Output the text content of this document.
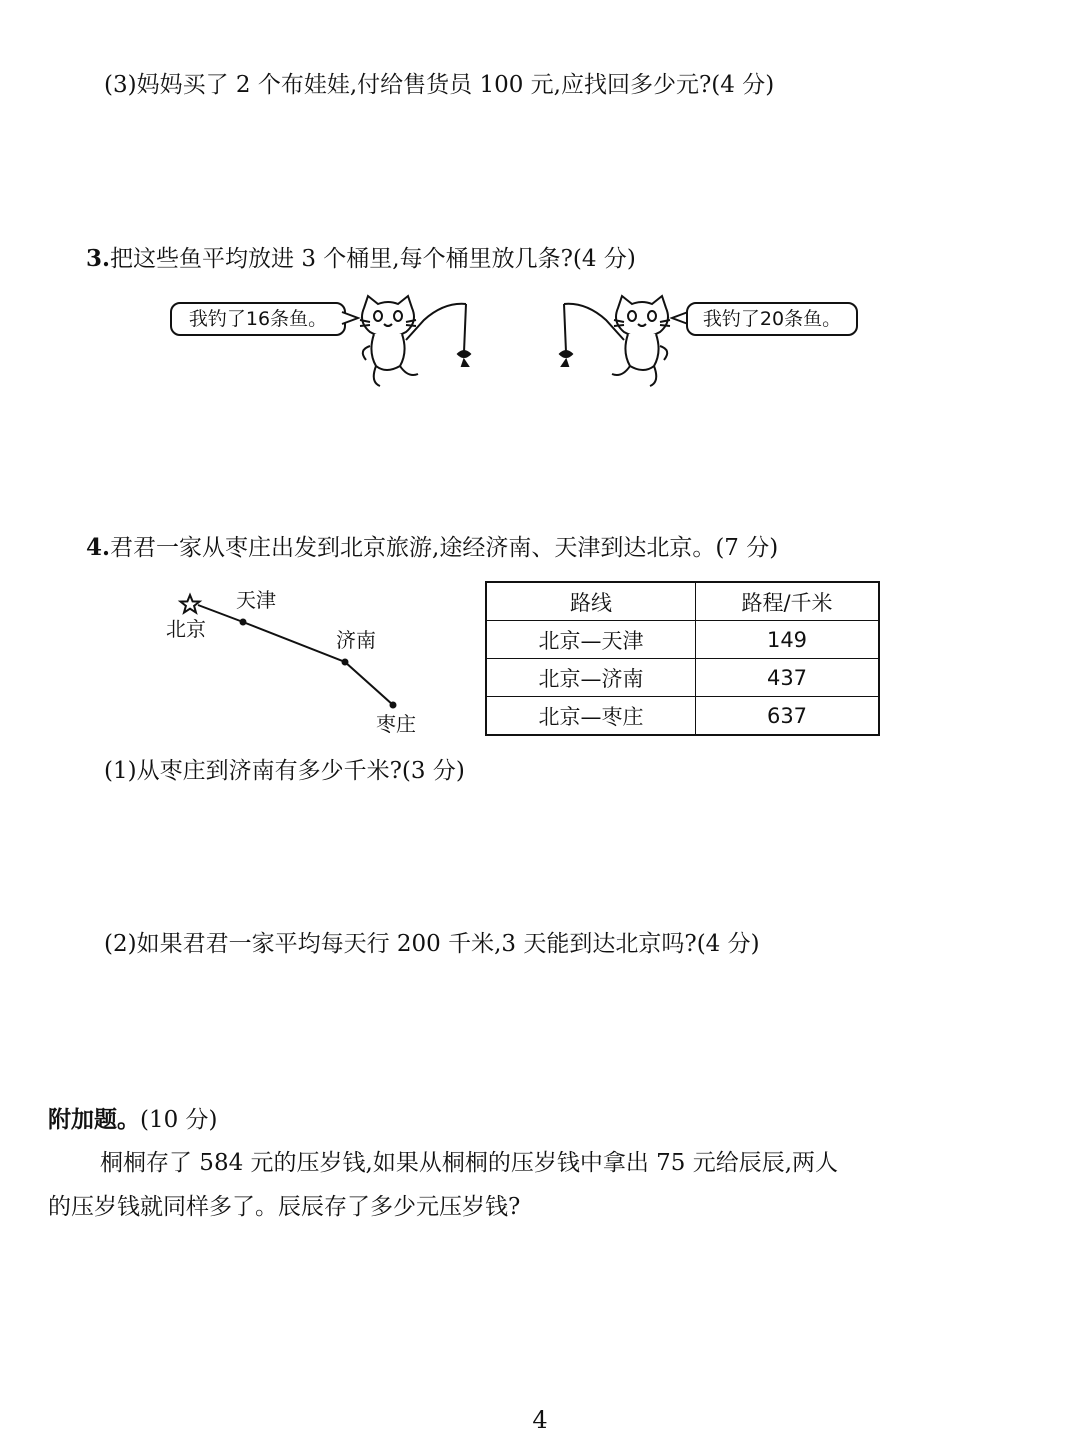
(3)妈妈买了 2 个布娃娃,付给售货员 100 元,应找回多少元?(4 分)
3.把这些鱼平均放进 3 个桶里,每个桶里放几条?(4 分)
我钓了16条鱼。	我钓了20条鱼。
4.君君一家从枣庄出发到北京旅游,途经济南、天津到达北京。(7 分)
北京
天津
济南
枣庄
路线	路程/千米
北京—天津	149
北京—济南	437
北京—枣庄	637
(1)从枣庄到济南有多少千米?(3 分)
(2)如果君君一家平均每天行 200 千米,3 天能到达北京吗?(4 分)
附加题。(10 分)
桐桐存了 584 元的压岁钱,如果从桐桐的压岁钱中拿出 75 元给辰辰,两人
的压岁钱就同样多了。辰辰存了多少元压岁钱?
4
